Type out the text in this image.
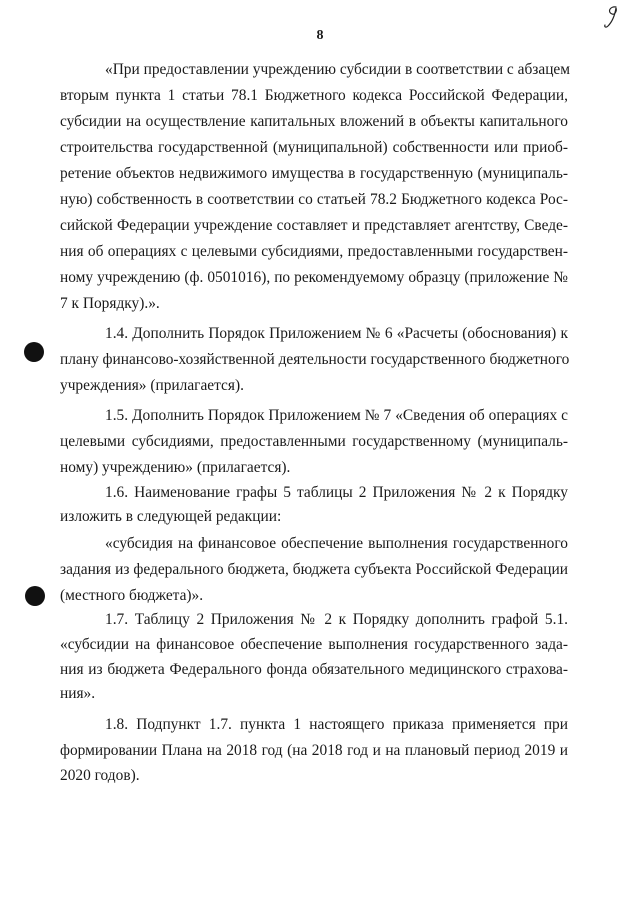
8
«При предоставлении учреждению субсидии в соответствии с абзацем
вторым пункта 1 статьи 78.1 Бюджетного кодекса Российской Федерации,
субсидии на осуществление капитальных вложений в объекты капитального
строительства государственной (муниципальной) собственности или приоб-
ретение объектов недвижимого имущества в государственную (муниципаль-
ную) собственность в соответствии со статьей 78.2 Бюджетного кодекса Рос-
сийской Федерации учреждение составляет и представляет агентству, Сведе-
ния об операциях с целевыми субсидиями, предоставленными государствен-
ному учреждению (ф. 0501016), по рекомендуемому образцу (приложение №
7 к Порядку).».
1.4. Дополнить Порядок Приложением № 6 «Расчеты (обоснования) к
плану финансово-хозяйственной деятельности государственного бюджетного
учреждения» (прилагается).
1.5. Дополнить Порядок Приложением № 7 «Сведения об операциях с
целевыми субсидиями, предоставленными государственному (муниципаль-
ному) учреждению» (прилагается).
1.6. Наименование графы 5 таблицы 2 Приложения № 2 к Порядку
изложить в следующей редакции:
«субсидия на финансовое обеспечение выполнения государственного
задания из федерального бюджета, бюджета субъекта Российской Федерации
(местного бюджета)».
1.7. Таблицу 2 Приложения № 2 к Порядку дополнить графой 5.1.
«субсидии на финансовое обеспечение выполнения государственного зада-
ния из бюджета Федерального фонда обязательного медицинского страхова-
ния».
1.8. Подпункт 1.7. пункта 1 настоящего приказа применяется при
формировании Плана на 2018 год (на 2018 год и на плановый период 2019 и
2020 годов).
